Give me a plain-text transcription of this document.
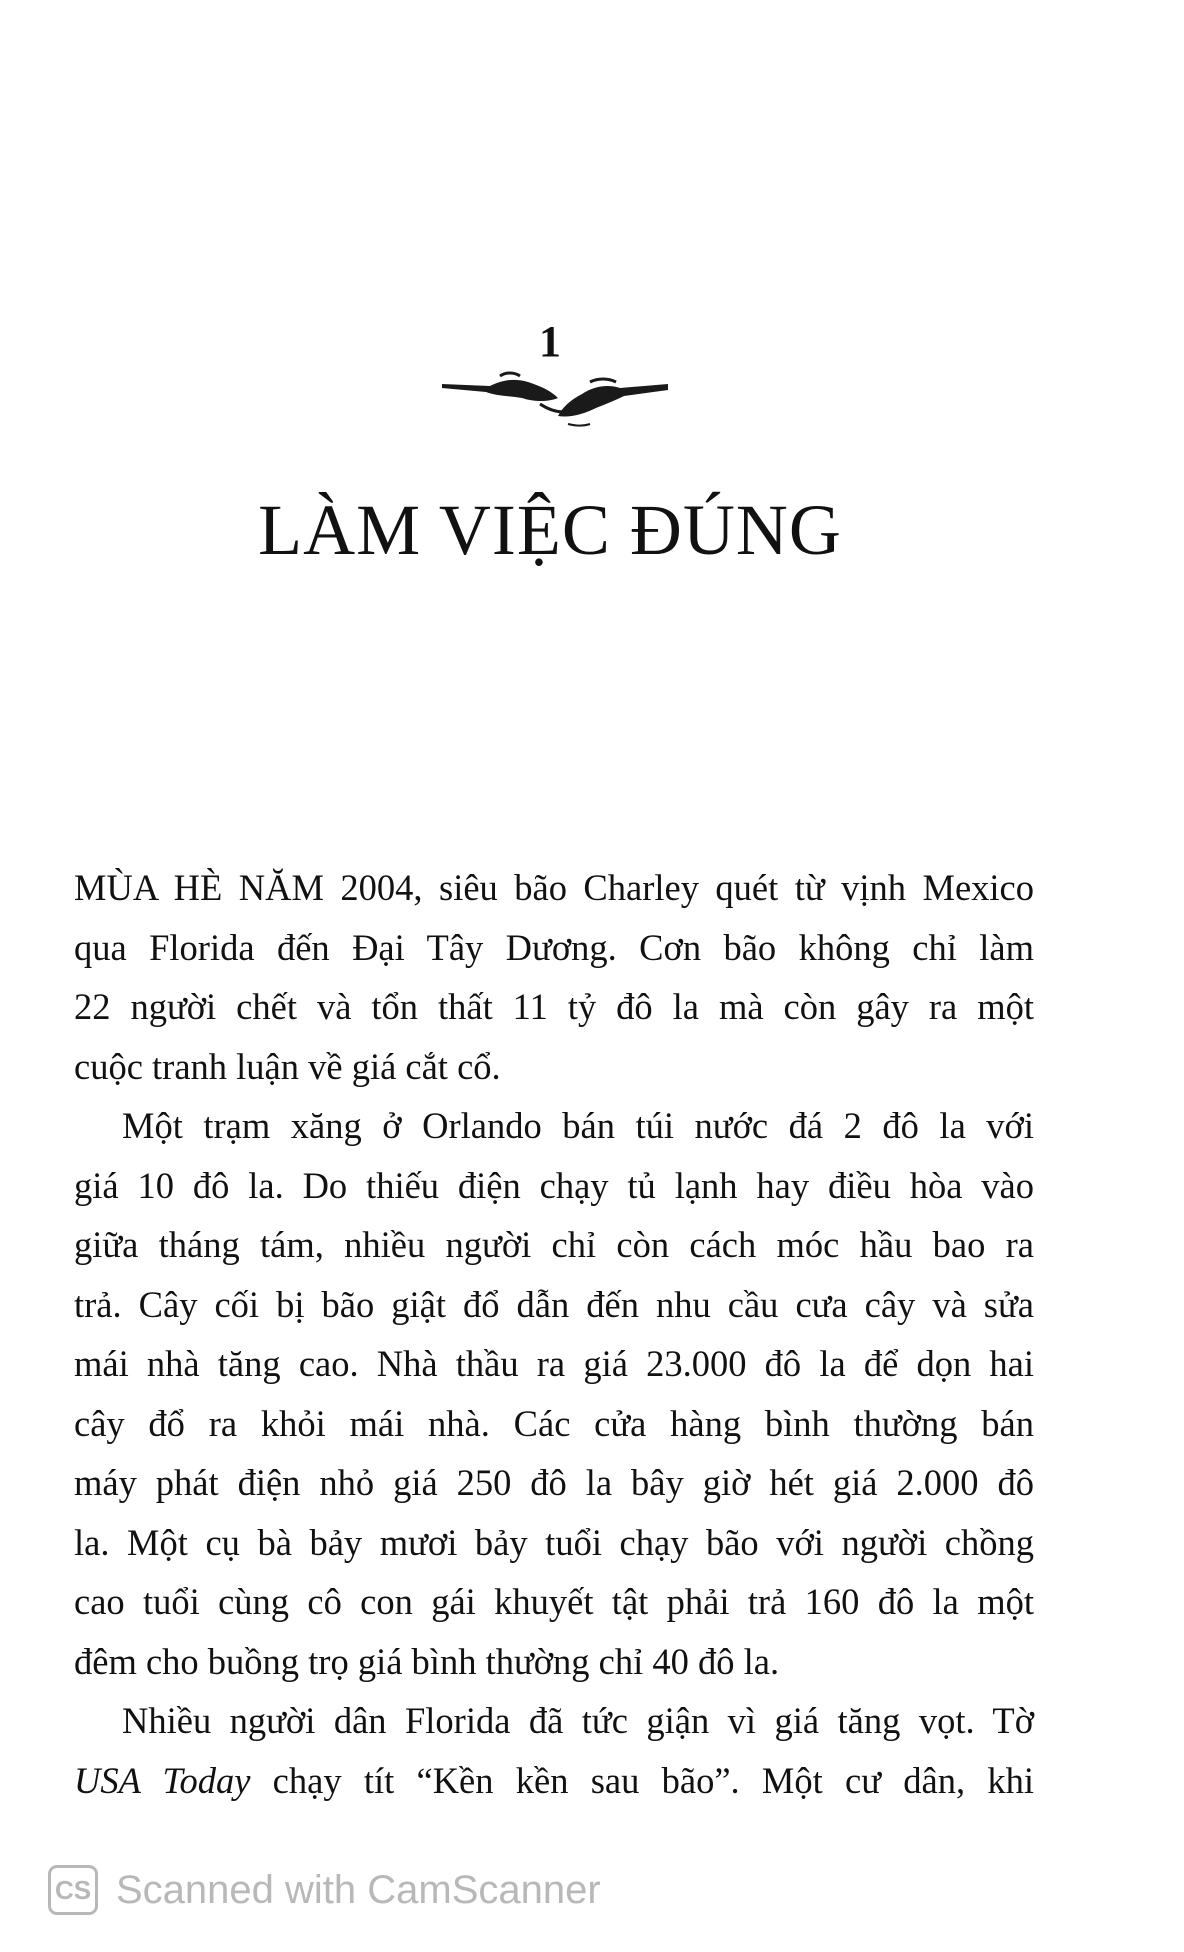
1
LÀM VIỆC ĐÚNG

MÙA HÈ NĂM 2004, siêu bão Charley quét từ vịnh Mexico
qua Florida đến Đại Tây Dương. Cơn bão không chỉ làm
22 người chết và tổn thất 11 tỷ đô la mà còn gây ra một
cuộc tranh luận về giá cắt cổ.

Một trạm xăng ở Orlando bán túi nước đá 2 đô la với
giá 10 đô la. Do thiếu điện chạy tủ lạnh hay điều hòa vào
giữa tháng tám, nhiều người chỉ còn cách móc hầu bao ra
trả. Cây cối bị bão giật đổ dẫn đến nhu cầu cưa cây và sửa
mái nhà tăng cao. Nhà thầu ra giá 23.000 đô la để dọn hai
cây đổ ra khỏi mái nhà. Các cửa hàng bình thường bán
máy phát điện nhỏ giá 250 đô la bây giờ hét giá 2.000 đô
la. Một cụ bà bảy mươi bảy tuổi chạy bão với người chồng
cao tuổi cùng cô con gái khuyết tật phải trả 160 đô la một
đêm cho buồng trọ giá bình thường chỉ 40 đô la.

Nhiều người dân Florida đã tức giận vì giá tăng vọt. Tờ
USA Today chạy tít “Kền kền sau bão”. Một cư dân, khi

CS Scanned with CamScanner
